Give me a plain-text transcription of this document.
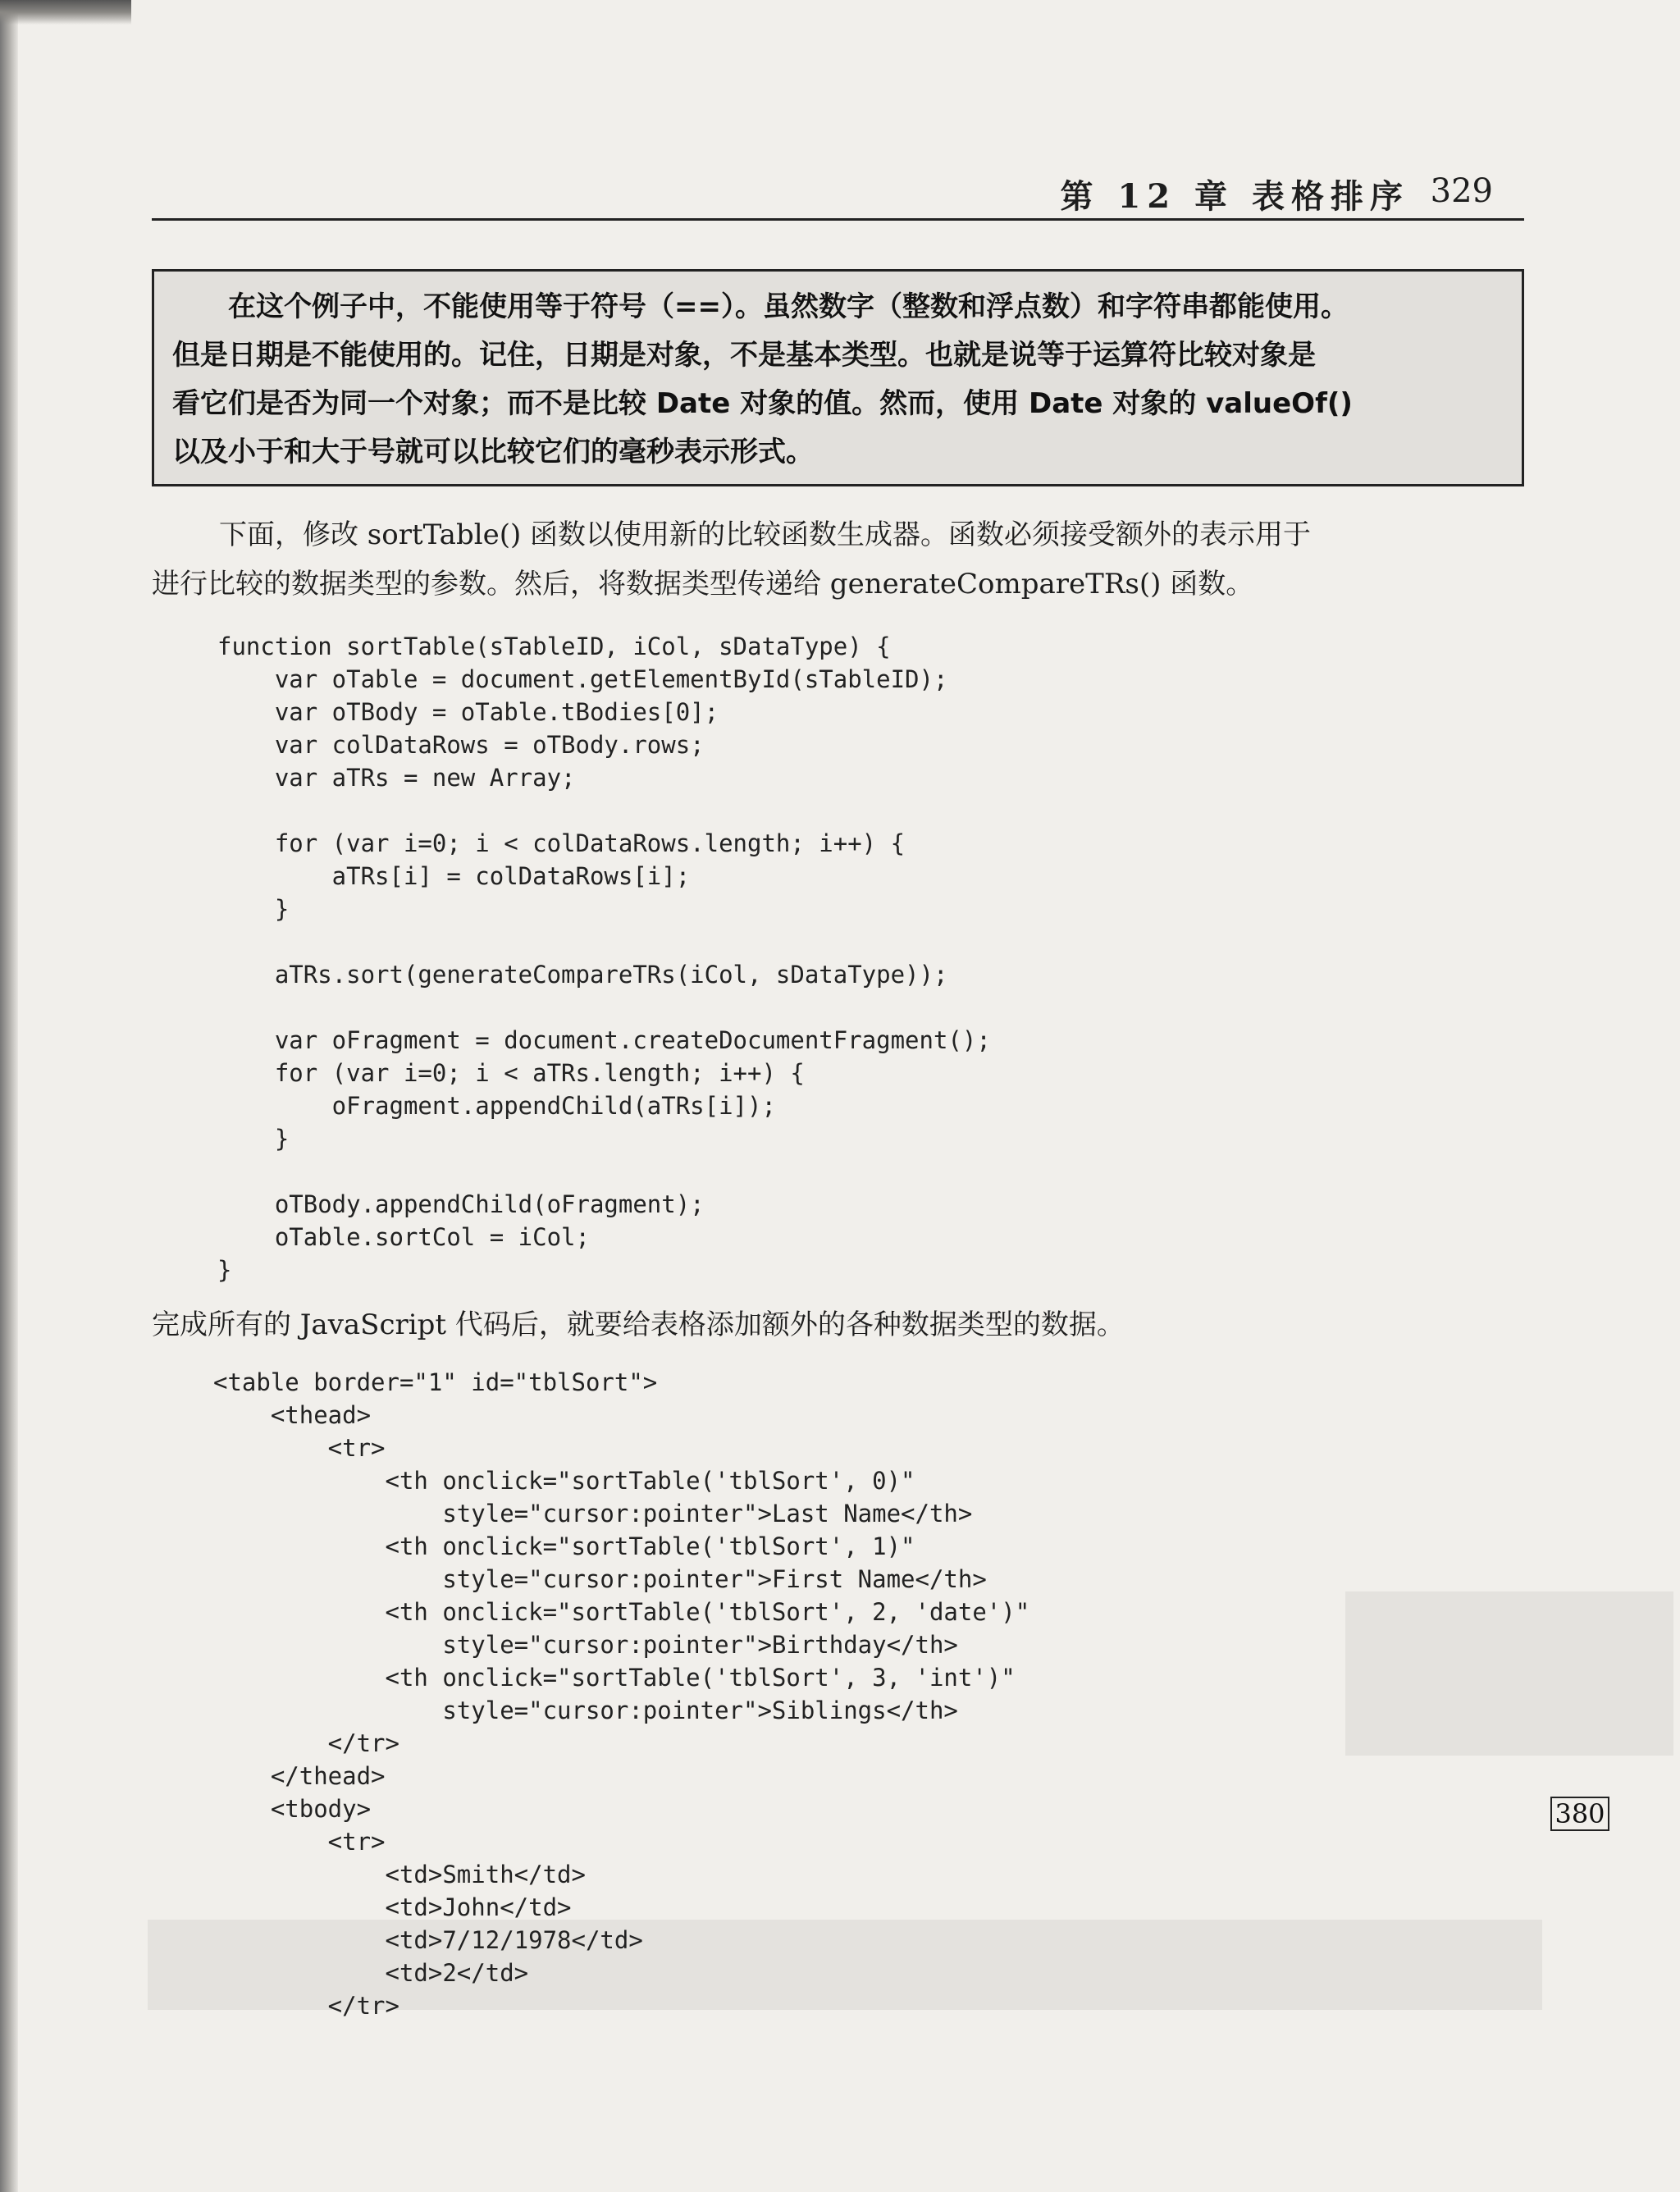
第 12 章 表格排序 329
在这个例子中，不能使用等于符号（==）。虽然数字（整数和浮点数）和字符串都能使用。
但是日期是不能使用的。记住，日期是对象，不是基本类型。也就是说等于运算符比较对象是
看它们是否为同一个对象；而不是比较 Date 对象的值。然而，使用 Date 对象的 valueOf()
以及小于和大于号就可以比较它们的毫秒表示形式。
下面，修改 sortTable() 函数以使用新的比较函数生成器。函数必须接受额外的表示用于
进行比较的数据类型的参数。然后，将数据类型传递给 generateCompareTRs() 函数。
function sortTable(sTableID, iCol, sDataType) {
var oTable = document.getElementById(sTableID);
var oTBody = oTable.tBodies[0];
var colDataRows = oTBody.rows;
var aTRs = new Array;
for (var i=0; i < colDataRows.length; i++) {
aTRs[i] = colDataRows[i];
}
aTRs.sort(generateCompareTRs(iCol, sDataType));
var oFragment = document.createDocumentFragment();
for (var i=0; i < aTRs.length; i++) {
oFragment.appendChild(aTRs[i]);
}
oTBody.appendChild(oFragment);
oTable.sortCol = iCol;
}
完成所有的 JavaScript 代码后，就要给表格添加额外的各种数据类型的数据。
<table border="1" id="tblSort">
<thead>
<tr>
<th onclick="sortTable('tblSort', 0)"
style="cursor:pointer">Last Name</th>
<th onclick="sortTable('tblSort', 1)"
style="cursor:pointer">First Name</th>
<th onclick="sortTable('tblSort', 2, 'date')"
style="cursor:pointer">Birthday</th>
<th onclick="sortTable('tblSort', 3, 'int')"
style="cursor:pointer">Siblings</th>
</tr>
</thead>
<tbody>
<tr>
<td>Smith</td>
<td>John</td>
<td>7/12/1978</td>
<td>2</td>
</tr>
380
